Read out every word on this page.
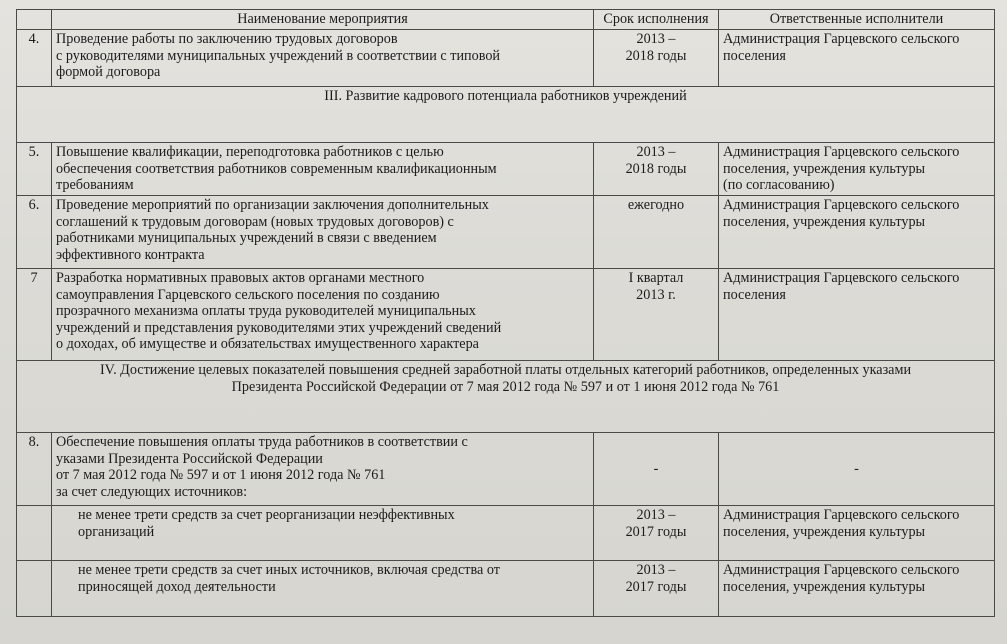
	Наименование мероприятия	Срок исполнения	Ответственные исполнители
4.	Проведение работы по заключению трудовых договоров
с руководителями муниципальных учреждений в соответствии с типовой
формой договора	2013 –
2018 годы	Администрация Гарцевского сельского
поселения
III. Развитие кадрового потенциала работников учреждений			
5.	Повышение квалификации, переподготовка работников с целью
обеспечения соответствия работников современным квалификационным
требованиям	2013 –
2018 годы	Администрация Гарцевского сельского
поселения, учреждения культуры
(по согласованию)
6.	Проведение мероприятий по организации заключения дополнительных
соглашений к трудовым договорам (новых трудовых договоров) с
работниками муниципальных учреждений в связи с введением
эффективного контракта	ежегодно	Администрация Гарцевского сельского
поселения, учреждения культуры
7	Разработка нормативных правовых актов органами местного
самоуправления Гарцевского сельского поселения по созданию
прозрачного механизма оплаты труда руководителей муниципальных
учреждений и представления руководителями этих учреждений сведений
о доходах, об имуществе и обязательствах имущественного характера	I квартал
2013 г.	Администрация Гарцевского сельского
поселения
IV. Достижение целевых показателей повышения средней заработной платы отдельных категорий работников, определенных указами
Президента Российской Федерации от 7 мая 2012 года № 597 и от 1 июня 2012 года № 761			
8.	Обеспечение повышения оплаты труда работников в соответствии с
указами Президента Российской Федерации
от 7 мая 2012 года № 597 и от 1 июня 2012 года № 761
за счет следующих источников:	-	-
	не менее трети средств за счет реорганизации неэффективных
организаций	2013 –
2017 годы	Администрация Гарцевского сельского
поселения, учреждения культуры
	не менее трети средств за счет иных источников, включая средства от
приносящей доход деятельности	2013 –
2017 годы	Администрация Гарцевского сельского
поселения, учреждения культуры
